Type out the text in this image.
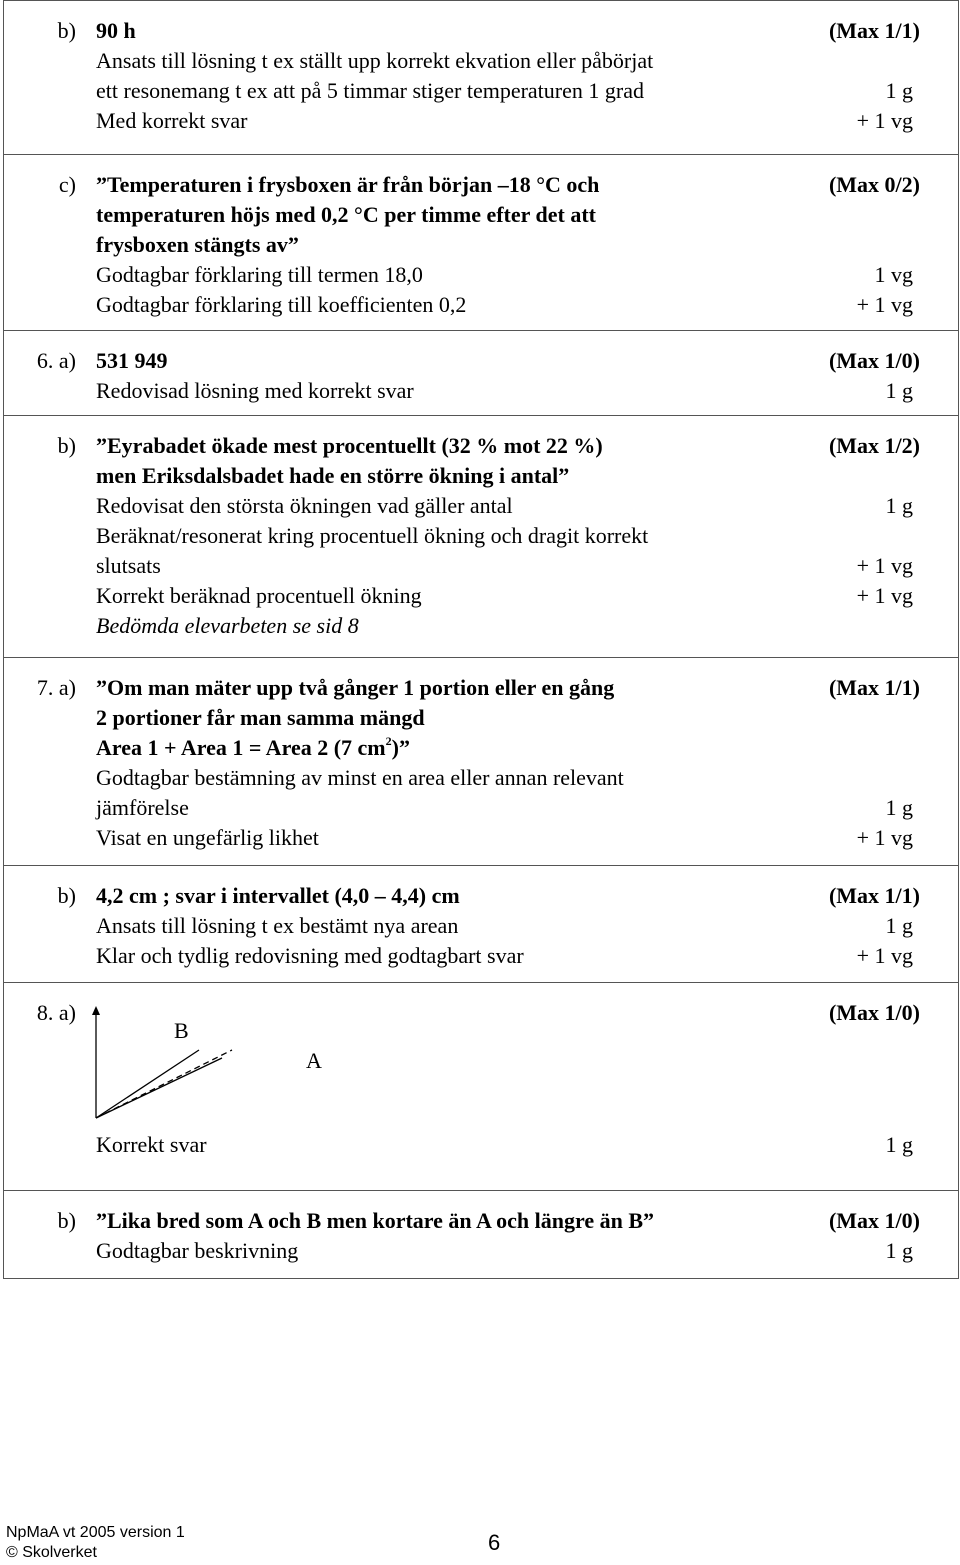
b) 90 h	(Max 1/1)
Ansats till lösning t ex ställt upp korrekt ekvation eller påbörjat
ett resonemang t ex att på 5 timmar stiger temperaturen 1 grad	1 g
Med korrekt svar	+ 1 vg
c) ”Temperaturen i frysboxen är från början –18 °C och	(Max 0/2)
temperaturen höjs med 0,2 °C per timme efter det att
frysboxen stängts av”
Godtagbar förklaring till termen 18,0	1 vg
Godtagbar förklaring till koefficienten 0,2	+ 1 vg
6. a) 531 949	(Max 1/0)
Redovisad lösning med korrekt svar	1 g
b) ”Eyrabadet ökade mest procentuellt (32 % mot 22 %)	(Max 1/2)
men Eriksdalsbadet hade en större ökning i antal”
Redovisat den största ökningen vad gäller antal	1 g
Beräknat/resonerat kring procentuell ökning och dragit korrekt
slutsats	+ 1 vg
Korrekt beräknad procentuell ökning	+ 1 vg
Bedömda elevarbeten se sid 8
7. a) ”Om man mäter upp två gånger 1 portion eller en gång	(Max 1/1)
2 portioner får man samma mängd
Area 1 + Area 1 = Area 2 (7 $cm^2$)”
Godtagbar bestämning av minst en area eller annan relevant
jämförelse	1 g
Visat en ungefärlig likhet	+ 1 vg
b) 4,2 cm ; svar i intervallet (4,0 – 4,4) cm	(Max 1/1)
Ansats till lösning t ex bestämt nya arean	1 g
Klar och tydlig redovisning med godtagbart svar	+ 1 vg
8. a)	(Max 1/0)
B
A
Korrekt svar	1 g
b) ”Lika bred som A och B men kortare än A och längre än B”	(Max 1/0)
Godtagbar beskrivning	1 g
NpMaA vt 2005 version 1
© Skolverket	6
